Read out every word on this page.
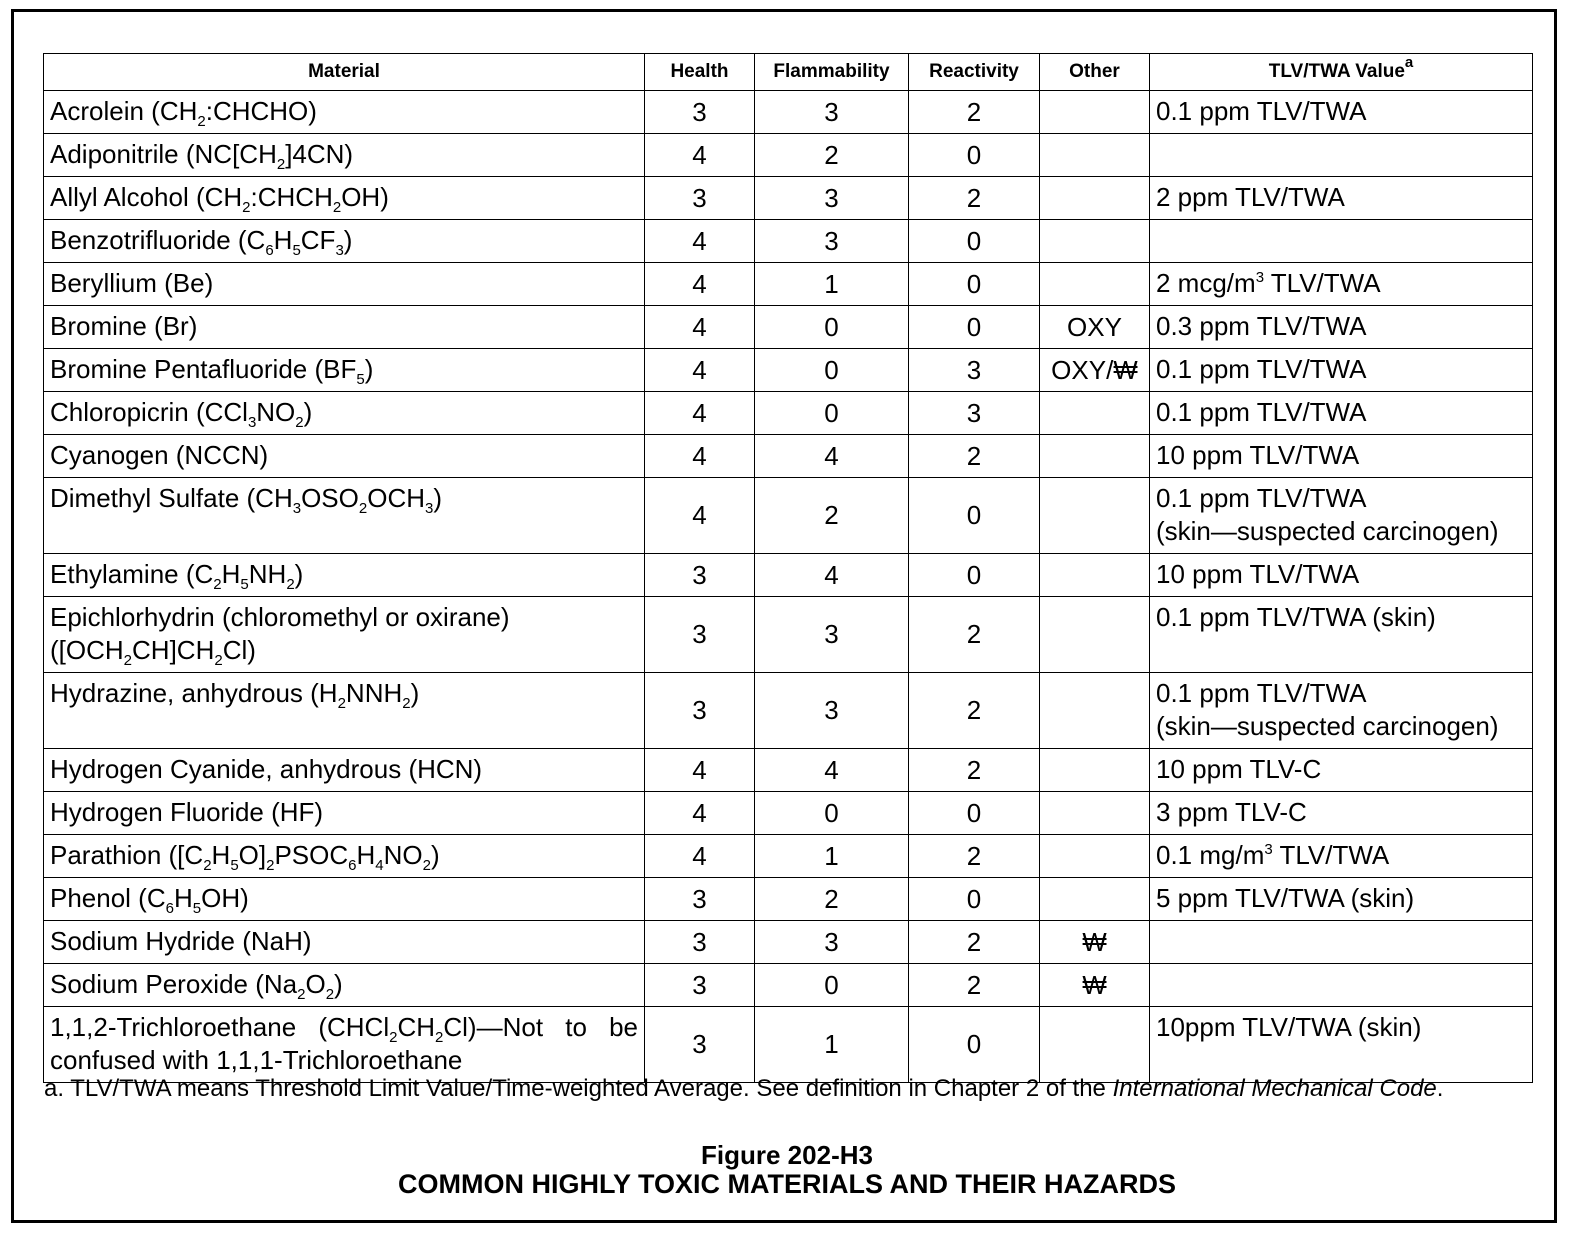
Material	Health	Flammability	Reactivity	Other	TLV/TWA Value$^a$
Acrolein $(CH_2:CHCHO)$	3	3	2		0.1 ppm TLV/TWA
Adiponitrile $(NC[CH_2]4CN)$	4	2	0		
Allyl Alcohol $(CH_2:CHCH_2OH)$	3	3	2		2 ppm TLV/TWA
Benzotrifluoride $(C_6H_5CF_3)$	4	3	0		
Beryllium (Be)	4	1	0		2 mcg/$m^3$ TLV/TWA
Bromine (Br)	4	0	0	OXY	0.3 ppm TLV/TWA
Bromine Pentafluoride $(BF_5)$	4	0	3	OXY/₩	0.1 ppm TLV/TWA
Chloropicrin $(CCl_3NO_2)$	4	0	3		0.1 ppm TLV/TWA
Cyanogen (NCCN)	4	4	2		10 ppm TLV/TWA
Dimethyl Sulfate $(CH_3OSO_2OCH_3)$	4	2	0		0.1 ppm TLV/TWA
(skin—suspected carcinogen)
Ethylamine $(C_2H_5NH_2)$	3	4	0		10 ppm TLV/TWA
Epichlorhydrin (chloromethyl or oxirane)
$([OCH_2CH]CH_2Cl)$	3	3	2		0.1 ppm TLV/TWA (skin)
Hydrazine, anhydrous $(H_2NNH_2)$	3	3	2		0.1 ppm TLV/TWA
(skin—suspected carcinogen)
Hydrogen Cyanide, anhydrous (HCN)	4	4	2		10 ppm TLV-C
Hydrogen Fluoride (HF)	4	0	0		3 ppm TLV-C
Parathion $([C_2H_5O]_2PSOC_6H_4NO_2)$	4	1	2		0.1 $mg/m^3$ TLV/TWA
Phenol $(C_6H_5OH)$	3	2	0		5 ppm TLV/TWA (skin)
Sodium Hydride (NaH)	3	3	2	₩	
Sodium Peroxide $(Na_2O_2)$	3	0	2	₩	
1,1,2-Trichloroethane $(CHCl_2CH_2Cl)—Not$ to be confused with 1,1,1-Trichloroethane	3	1	0		10ppm TLV/TWA (skin)
a. TLV/TWA means Threshold Limit Value/Time-weighted Average. See definition in Chapter 2 of the International Mechanical Code.
Figure 202-H3
COMMON HIGHLY TOXIC MATERIALS AND THEIR HAZARDS
